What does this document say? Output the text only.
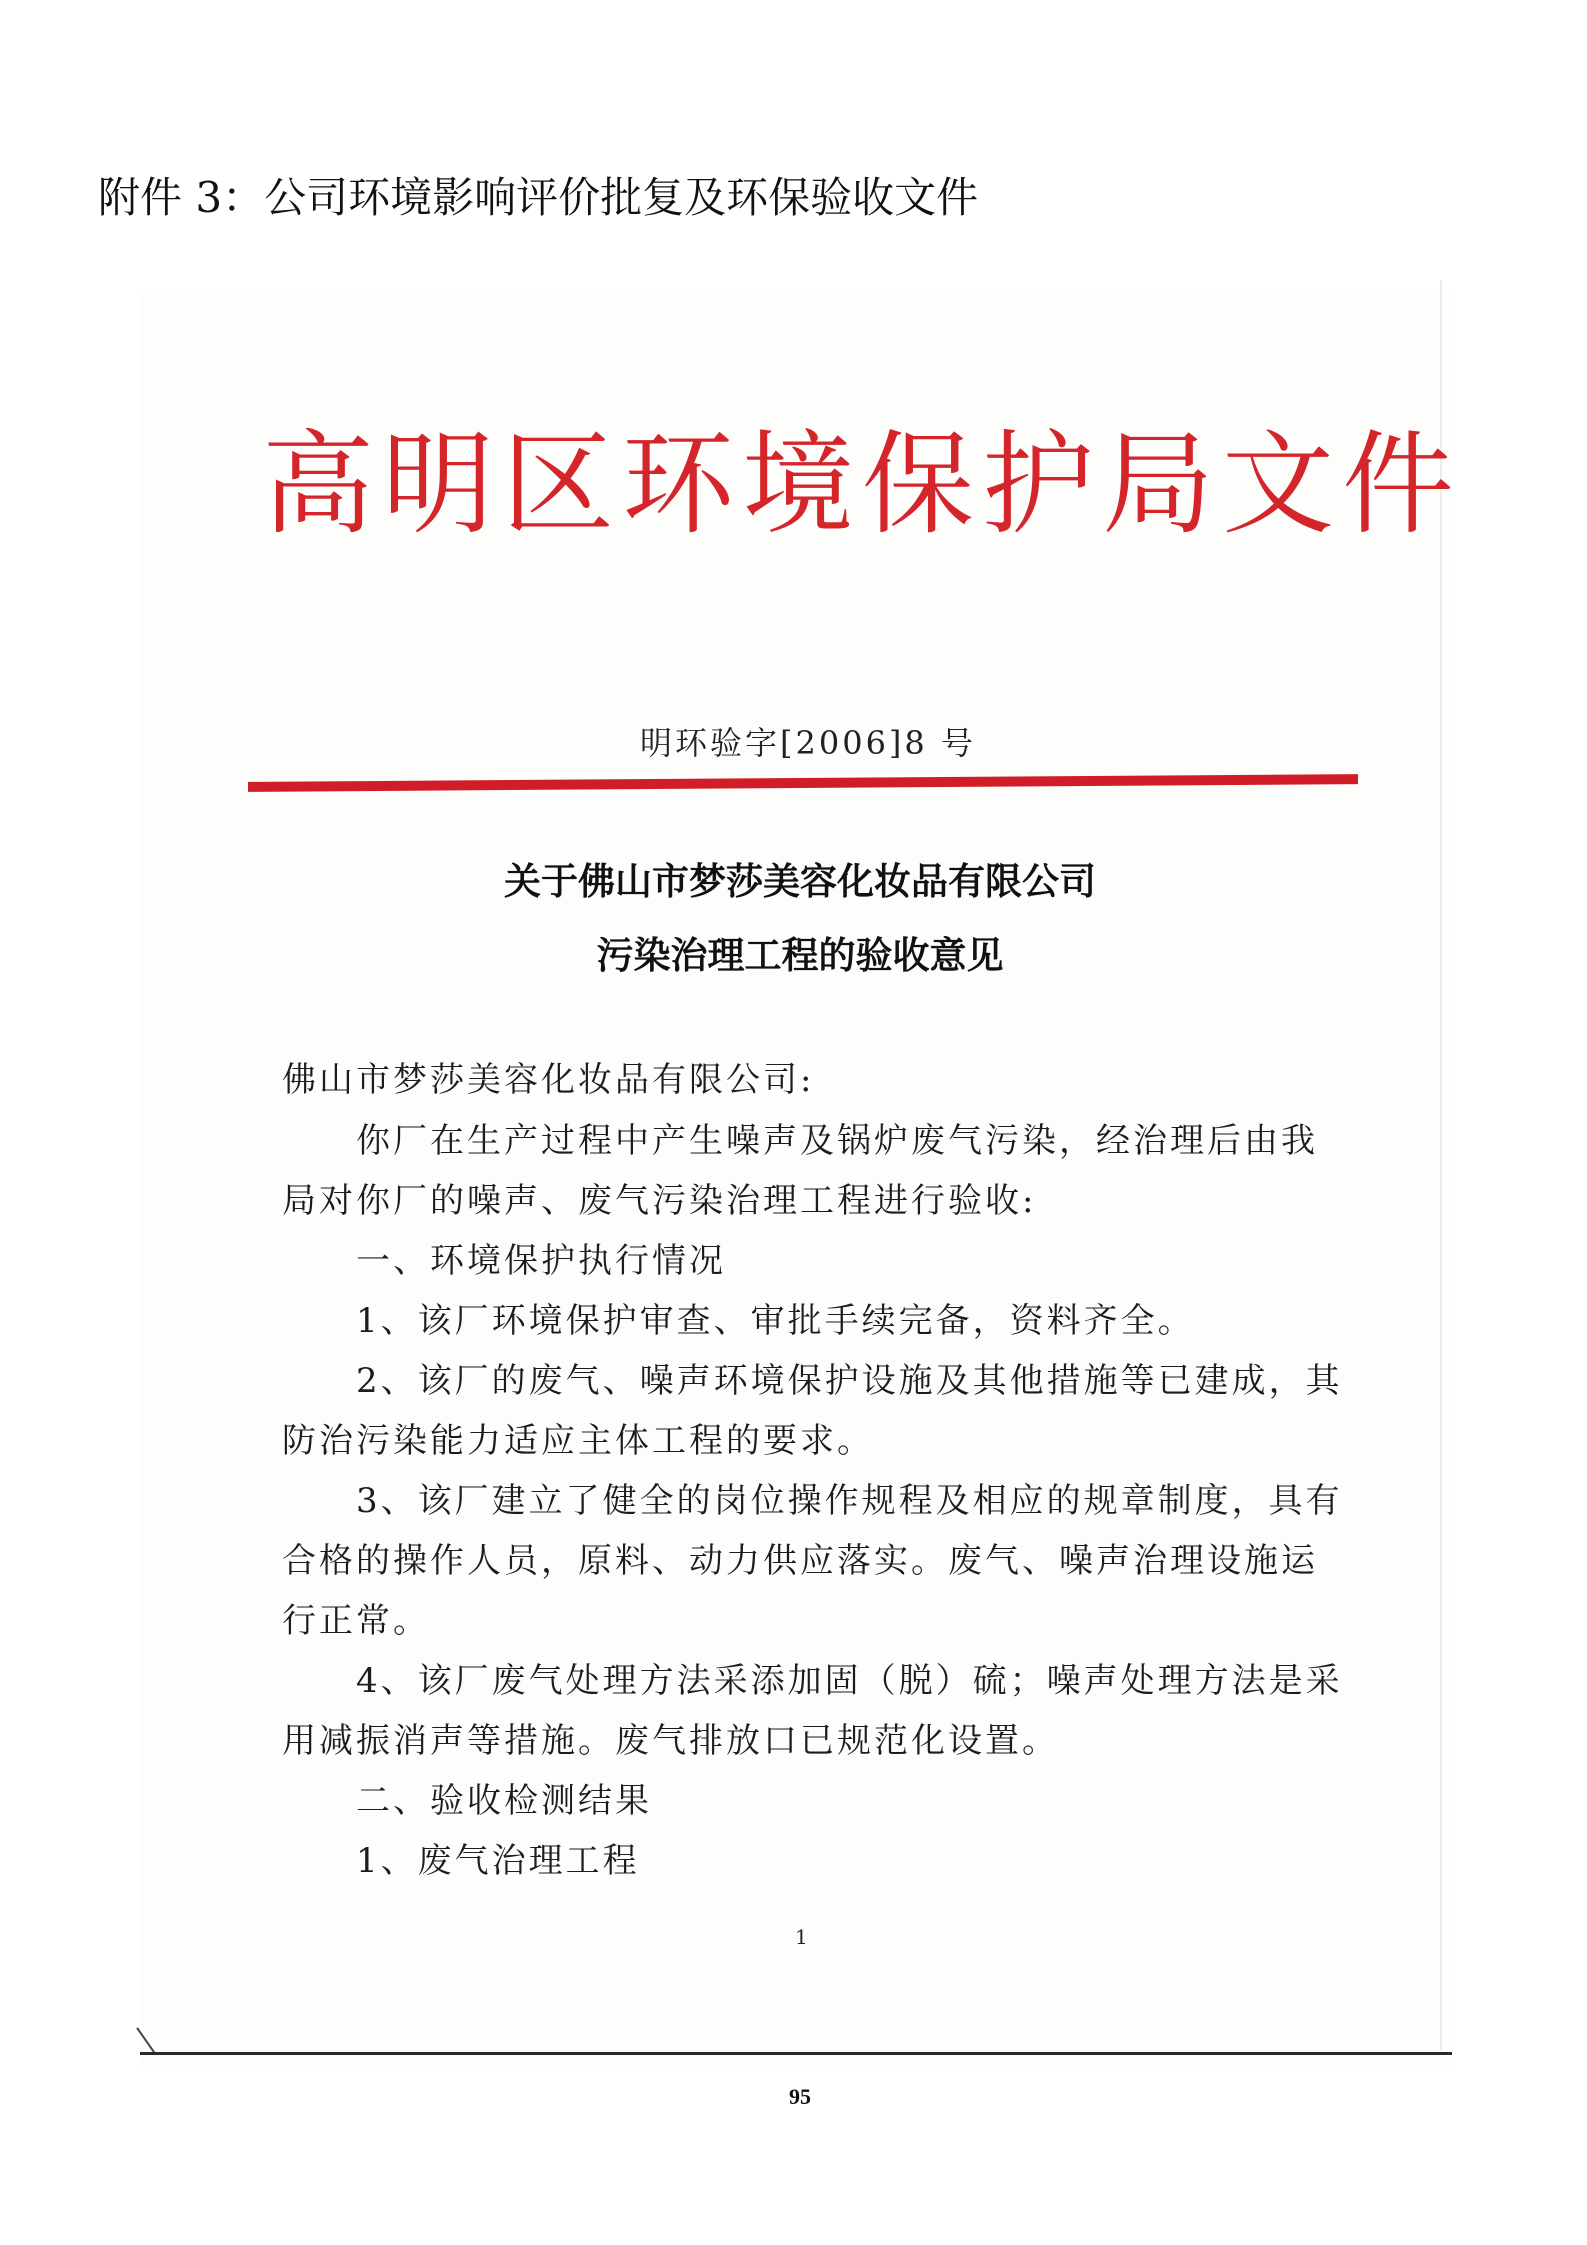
附件 3：公司环境影响评价批复及环保验收文件
高明区环境保护局文件
明环验字[2006]8 号
关于佛山市梦莎美容化妆品有限公司
污染治理工程的验收意见
佛山市梦莎美容化妆品有限公司:
　　你厂在生产过程中产生噪声及锅炉废气污染，经治理后由我
局对你厂的噪声、废气污染治理工程进行验收:
　　一、环境保护执行情况
　　1、该厂环境保护审查、审批手续完备，资料齐全。
　　2、该厂的废气、噪声环境保护设施及其他措施等已建成，其
防治污染能力适应主体工程的要求。
　　3、该厂建立了健全的岗位操作规程及相应的规章制度，具有
合格的操作人员，原料、动力供应落实。废气、噪声治理设施运
行正常。
　　4、该厂废气处理方法采添加固（脱）硫；噪声处理方法是采
用减振消声等措施。废气排放口已规范化设置。
　　二、验收检测结果
　　1、废气治理工程
1
95
